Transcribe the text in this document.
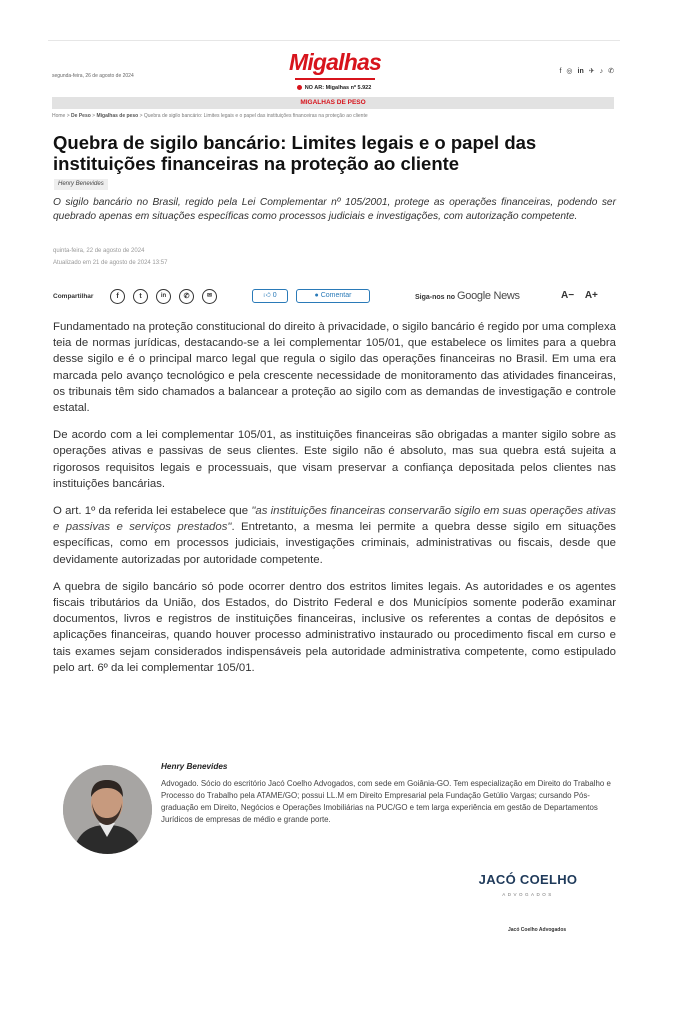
segunda-feira, 26 de agosto de 2024
Migalhas	f ◎ in ✈ ♪ ✆
NO AR: Migalhas nº 5.922
MIGALHAS DE PESO
Home > De Peso > Migalhas de peso > Quebra de sigilo bancário: Limites legais e o papel das instituições financeiras na proteção ao cliente
Quebra de sigilo bancário: Limites legais e o papel das instituições financeiras na proteção ao cliente
Henry Benevides
O sigilo bancário no Brasil, regido pela Lei Complementar nº 105/2001, protege as operações financeiras, podendo ser quebrado apenas em situações específicas como processos judiciais e investigações, com autorização competente.
quinta-feira, 22 de agosto de 2024
Atualizado em 21 de agosto de 2024 13:57
Compartilhar	f	t	in	✆	✉	👍︎ 0	● Comentar	Siga-nos no Google News	A− A+

Fundamentado na proteção constitucional do direito à privacidade, o sigilo bancário é regido por uma complexa teia de normas jurídicas, destacando-se a lei complementar 105/01, que estabelece os limites para a quebra desse sigilo e é o principal marco legal que regula o sigilo das operações financeiras no Brasil. Em uma era marcada pelo avanço tecnológico e pela crescente necessidade de monitoramento das atividades financeiras, os tribunais têm sido chamados a balancear a proteção ao sigilo com as demandas de investigação e controle estatal.

De acordo com a lei complementar 105/01, as instituições financeiras são obrigadas a manter sigilo sobre as operações ativas e passivas de seus clientes. Este sigilo não é absoluto, mas sua quebra está sujeita a rigorosos requisitos legais e processuais, que visam preservar a confiança depositada pelos clientes nas instituições bancárias.

O art. 1º da referida lei estabelece que "as instituições financeiras conservarão sigilo em suas operações ativas e passivas e serviços prestados". Entretanto, a mesma lei permite a quebra desse sigilo em situações específicas, como em processos judiciais, investigações criminais, administrativas ou fiscais, desde que devidamente autorizadas por autoridade competente.

A quebra de sigilo bancário só pode ocorrer dentro dos estritos limites legais. As autoridades e os agentes fiscais tributários da União, dos Estados, do Distrito Federal e dos Municípios somente poderão examinar documentos, livros e registros de instituições financeiras, inclusive os referentes a contas de depósitos e aplicações financeiras, quando houver processo administrativo instaurado ou procedimento fiscal em curso e tais exames sejam considerados indispensáveis pela autoridade administrativa competente, como estipulado pelo art. 6º da lei complementar 105/01.

Henry Benevides
Advogado. Sócio do escritório Jacó Coelho Advogados, com sede em Goiânia-GO. Tem especialização em Direito do Trabalho e Processo do Trabalho pela ATAME/GO; possui LL.M em Direito Empresarial pela Fundação Getúlio Vargas; cursando Pós-graduação em Direito, Negócios e Operações Imobiliárias na PUC/GO e tem larga experiência em gestão de Departamentos Jurídicos de empresas de médio e grande porte.
JACÓ COELHO
ADVOGADOS
Jacó Coelho Advogados
